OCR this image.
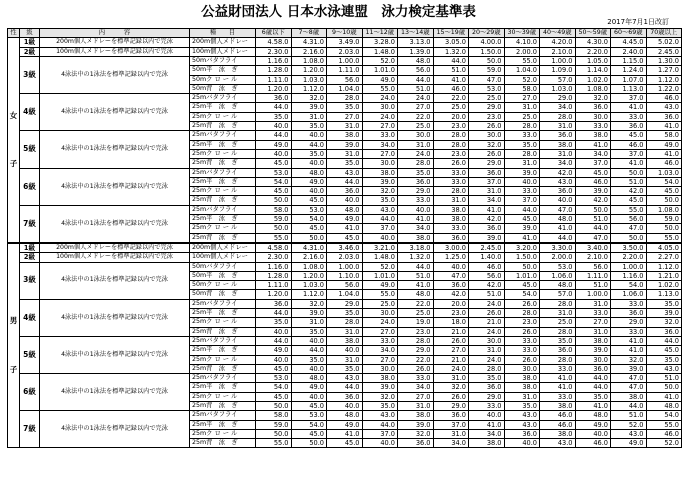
公益財団法人 日本水泳連盟　泳力検定基準表
2017年7月1日改訂
性	級	内　　　容	種　　目	6歳以下	7〜8歳	9〜10歳	11〜12歳	13〜14歳	15〜19歳	20〜29歳	30〜39歳	40〜49歳	50〜59歳	60〜69歳	70歳以上

女
子	1級	200m個人メドレーを標準記録以内で完泳	200m個人メドレー	4.58.0	4.31.0	3.49.0	3.28.0	3.13.0	3.05.0	4.00.0	4.10.0	4.20.0	4.30.0	4.45.0	5.02.0
	2級	100m個人メドレーを標準記録以内で完泳	100m個人メドレー	2.30.0	2.16.0	2.03.0	1.48.0	1.39.0	1.32.0	1.50.0	2.00.0	2.10.0	2.20.0	2.40.0	2.45.0
	3級	4泳法中の1泳法を標準記録以内で完泳	50mバタフライ	1.16.0	1.08.0	1.00.0	52.0	48.0	44.0	50.0	55.0	1.00.0	1.05.0	1.15.0	1.30.0
			50m平　泳　ぎ	1.28.0	1.20.0	1.11.0	1.01.0	56.0	51.0	59.0	1.04.0	1.09.0	1.14.0	1.24.0	1.27.0
			50mク ロ ー ル	1.11.0	1.03.0	56.0	49.0	44.0	41.0	47.0	52.0	57.0	1.02.0	1.07.0	1.12.0
			50m背　泳　ぎ	1.20.0	1.12.0	1.04.0	55.0	51.0	46.0	53.0	58.0	1.03.0	1.08.0	1.13.0	1.22.0
	4級	4泳法中の1泳法を標準記録以内で完泳	25mバタフライ	36.0	32.0	28.0	24.0	24.0	22.0	25.0	27.0	29.0	32.0	37.0	46.0
			25m平　泳　ぎ	44.0	39.0	35.0	30.0	27.0	25.0	29.0	31.0	34.0	36.0	41.0	43.0
			25mク ロ ー ル	35.0	31.0	27.0	24.0	22.0	20.0	23.0	25.0	28.0	30.0	33.0	36.0
			25m背　泳　ぎ	40.0	35.0	31.0	27.0	25.0	23.0	26.0	28.0	31.0	33.0	36.0	41.0
	5級	4泳法中の1泳法を標準記録以内で完泳	25mバタフライ	44.0	40.0	38.0	33.0	30.0	28.0	30.0	33.0	36.0	38.0	45.0	58.0
			25m平　泳　ぎ	49.0	44.0	39.0	34.0	31.0	28.0	32.0	35.0	38.0	41.0	46.0	49.0
			25mク ロ ー ル	40.0	35.0	31.0	27.0	24.0	23.0	26.0	28.0	31.0	34.0	37.0	41.0
			25m背　泳　ぎ	45.0	40.0	35.0	30.0	28.0	26.0	29.0	31.0	34.0	37.0	41.0	46.0
	6級	4泳法中の1泳法を標準記録以内で完泳	25mバタフライ	53.0	48.0	43.0	38.0	35.0	33.0	36.0	39.0	42.0	45.0	50.0	1.03.0
			25m平　泳　ぎ	54.0	49.0	44.0	39.0	36.0	33.0	37.0	40.0	43.0	46.0	51.0	54.0
			25mク ロ ー ル	45.0	40.0	36.0	32.0	29.0	28.0	31.0	33.0	36.0	39.0	42.0	45.0
			25m背　泳　ぎ	50.0	45.0	40.0	35.0	33.0	31.0	34.0	37.0	40.0	42.0	45.0	50.0
	7級	4泳法中の1泳法を標準記録以内で完泳	25mバタフライ	58.0	53.0	48.0	43.0	40.0	38.0	41.0	44.0	47.0	50.0	55.0	1.08.0
			25m平　泳　ぎ	59.0	54.0	49.0	44.0	41.0	38.0	42.0	45.0	48.0	51.0	56.0	59.0
			25mク ロ ー ル	50.0	45.0	41.0	37.0	34.0	33.0	36.0	39.0	41.0	44.0	47.0	50.0
			25m背　泳　ぎ	55.0	50.0	45.0	40.0	38.0	36.0	39.0	41.0	44.0	47.0	50.0	55.0

男
子	1級	200m個人メドレーを標準記録以内で完泳	200m個人メドレー	4.58.0	4.31.0	3.46.0	3.21.0	3.18.0	3.00.0	2.45.0	3.20.0	3.30.0	3.40.0	3.50.0	4.05.0
	2級	100m個人メドレーを標準記録以内で完泳	100m個人メドレー	2.30.0	2.16.0	2.03.0	1.48.0	1.32.0	1.25.0	1.40.0	1.50.0	2.00.0	2.10.0	2.20.0	2.27.0
	3級	4泳法中の1泳法を標準記録以内で完泳	50mバタフライ	1.16.0	1.08.0	1.00.0	52.0	44.0	40.0	46.0	50.0	53.0	56.0	1.00.0	1.12.0
			50m平　泳　ぎ	1.28.0	1.20.0	1.10.0	1.01.0	51.0	47.0	56.0	1.01.0	1.06.0	1.11.0	1.16.0	1.21.0
			50mク ロ ー ル	1.11.0	1.03.0	56.0	49.0	41.0	36.0	42.0	45.0	48.0	51.0	54.0	1.02.0
			50m背　泳　ぎ	1.20.0	1.12.0	1.04.0	55.0	48.0	42.0	51.0	54.0	57.0	1.00.0	1.06.0	1.13.0
	4級	4泳法中の1泳法を標準記録以内で完泳	25mバタフライ	36.0	32.0	29.0	25.0	22.0	20.0	24.0	26.0	28.0	31.0	33.0	35.0
			25m平　泳　ぎ	44.0	39.0	35.0	30.0	25.0	23.0	26.0	28.0	31.0	33.0	36.0	39.0
			25mク ロ ー ル	35.0	31.0	28.0	24.0	19.0	18.0	21.0	23.0	25.0	27.0	29.0	32.0
			25m背　泳　ぎ	40.0	35.0	31.0	27.0	23.0	21.0	24.0	26.0	28.0	31.0	33.0	36.0
	5級	4泳法中の1泳法を標準記録以内で完泳	25mバタフライ	44.0	40.0	38.0	33.0	28.0	26.0	30.0	33.0	35.0	38.0	41.0	44.0
			25m平　泳　ぎ	49.0	44.0	40.0	34.0	29.0	27.0	31.0	33.0	36.0	39.0	41.0	45.0
			25mク ロ ー ル	40.0	35.0	31.0	27.0	22.0	21.0	24.0	26.0	28.0	30.0	32.0	35.0
			25m背　泳　ぎ	45.0	40.0	35.0	30.0	26.0	24.0	28.0	30.0	33.0	36.0	39.0	43.0
	6級	4泳法中の1泳法を標準記録以内で完泳	25mバタフライ	53.0	48.0	43.0	38.0	33.0	31.0	35.0	38.0	41.0	44.0	47.0	51.0
			25m平　泳　ぎ	54.0	49.0	44.0	39.0	34.0	32.0	36.0	38.0	41.0	44.0	47.0	50.0
			25mク ロ ー ル	45.0	40.0	36.0	32.0	27.0	26.0	29.0	31.0	33.0	35.0	38.0	41.0
			25m背　泳　ぎ	50.0	45.0	40.0	35.0	31.0	29.0	33.0	35.0	38.0	41.0	44.0	48.0
	7級	4泳法中の1泳法を標準記録以内で完泳	25mバタフライ	58.0	53.0	48.0	43.0	38.0	36.0	40.0	43.0	46.0	48.0	51.0	54.0
			25m平　泳　ぎ	59.0	54.0	49.0	44.0	39.0	37.0	41.0	43.0	46.0	49.0	52.0	55.0
			25mク ロ ー ル	50.0	45.0	41.0	37.0	32.0	31.0	34.0	36.0	38.0	40.0	43.0	46.0
			25m背　泳　ぎ	55.0	50.0	45.0	40.0	36.0	34.0	38.0	40.0	43.0	46.0	49.0	52.0
